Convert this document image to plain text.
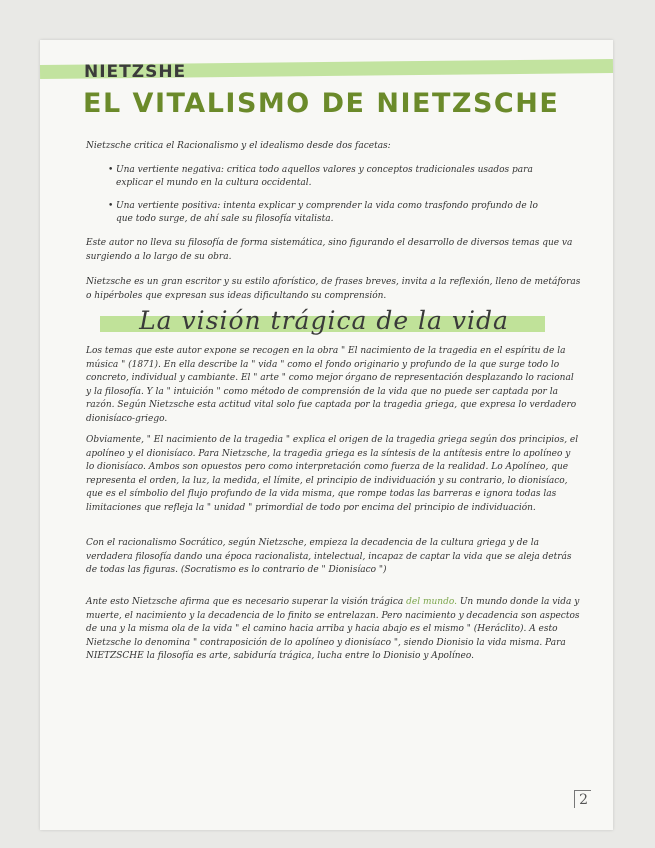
NIETZSHE
EL VITALISMO DE NIETZSCHE
Nietzsche critica el Racionalismo y el idealismo desde dos facetas:
• Una vertiente negativa: critica todo aquellos valores y conceptos tradicionales usados para explicar el mundo en la cultura occidental.
• Una vertiente positiva: intenta explicar y comprender la vida como trasfondo profundo de lo que todo surge, de ahí sale su filosofía vitalista.
Este autor no lleva su filosofía de forma sistemática, sino figurando el desarrollo de diversos temas que va surgiendo a lo largo de su obra.
Nietzsche es un gran escritor y su estilo aforístico, de frases breves, invita a la reflexión, lleno de metáforas o hipérboles que expresan sus ideas dificultando su comprensión.
La visión trágica de la vida
Los temas que este autor expone se recogen en la obra " El nacimiento de la tragedia en el espíritu de la música " (1871). En ella describe la " vida " como el fondo originario y profundo de la que surge todo lo concreto, individual y cambiante. El " arte " como mejor órgano de representación desplazando lo racional y la filosofía. Y la " intuición " como método de comprensión de la vida que no puede ser captada por la razón. Según Nietzsche esta actitud vital solo fue captada por la tragedia griega, que expresa lo verdadero dionisíaco-griego.
Obviamente, " El nacimiento de la tragedia " explica el origen de la tragedia griega según dos principios, el apolíneo y el dionisíaco. Para Nietzsche, la tragedia griega es la síntesis de la antítesis entre lo apolíneo y lo dionisíaco. Ambos son opuestos pero como interpretación como fuerza de la realidad. Lo Apolíneo, que representa el orden, la luz, la medida, el límite, el principio de individuación y su contrario, lo dionisíaco, que es el símbolio del flujo profundo de la vida misma, que rompe todas las barreras e ignora todas las limitaciones que refleja la " unidad " primordial de todo por encima del principio de individuación.
Con el racionalismo Socrático, según Nietzsche, empieza la decadencia de la cultura griega y de la verdadera filosofía dando una época racionalista, intelectual, incapaz de captar la vida que se aleja detrás de todas las figuras. (Socratismo es lo contrario de " Dionisíaco ")
Ante esto Nietzsche afirma que es necesario superar la visión trágica del mundo. Un mundo donde la vida y muerte, el nacimiento y la decadencia de lo finito se entrelazan. Pero nacimiento y decadencia son aspectos de una y la misma ola de la vida " el camino hacia arriba y hacia abajo es el mismo " (Heráclito). A esto Nietzsche lo denomina " contraposición de lo apolíneo y dionisíaco ", siendo Dionisio la vida misma. Para NIETZSCHE la filosofía es arte, sabiduría trágica, lucha entre lo Dionisio y Apolíneo.
2
